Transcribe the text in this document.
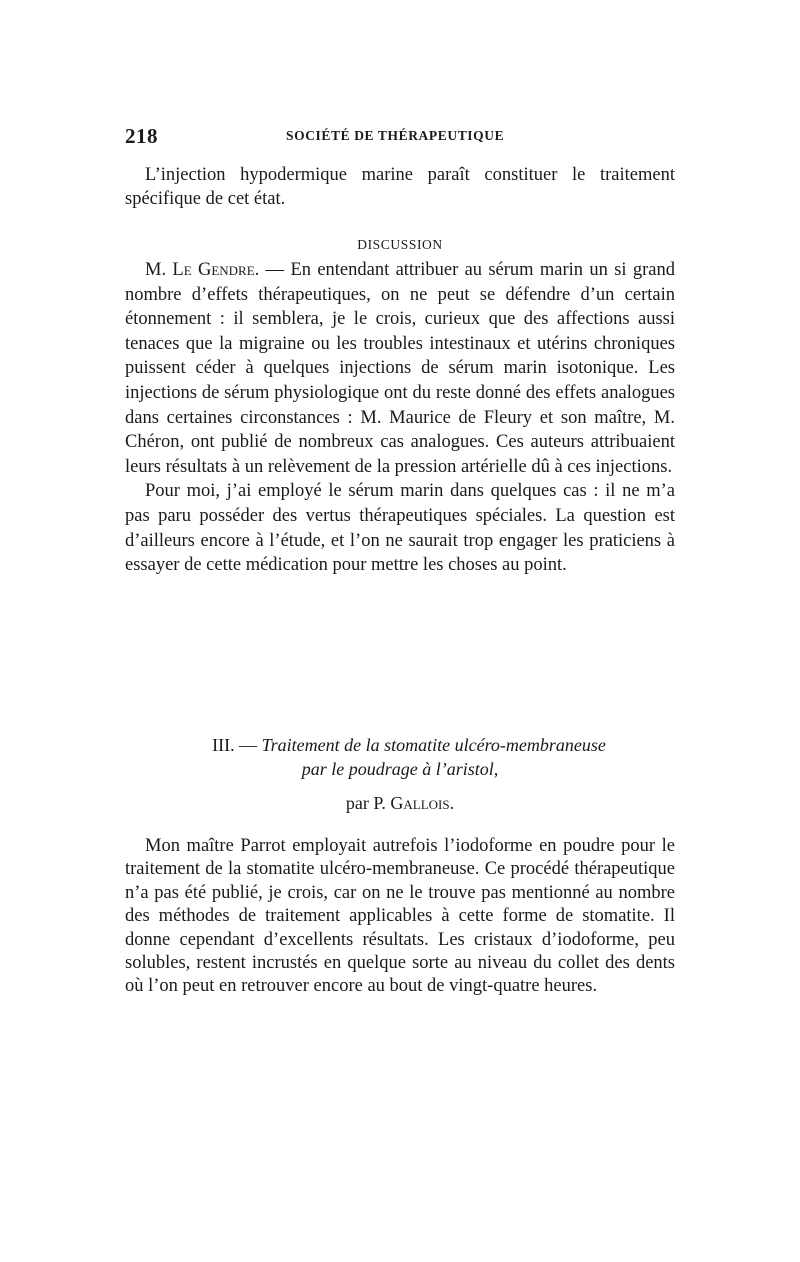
218	SOCIÉTÉ DE THÉRAPEUTIQUE

L’injection hypodermique marine paraît constituer le traitement spécifique de cet état.

DISCUSSION

M. Le Gendre. — En entendant attribuer au sérum marin un si grand nombre d’effets thérapeutiques, on ne peut se défendre d’un certain étonnement : il semblera, je le crois, curieux que des affections aussi tenaces que la migraine ou les troubles intestinaux et utérins chroniques puissent céder à quelques injections de sérum marin isotonique. Les injections de sérum physiologique ont du reste donné des effets analogues dans certaines circonstances : M. Maurice de Fleury et son maître, M. Chéron, ont publié de nombreux cas analogues. Ces auteurs attribuaient leurs résultats à un relèvement de la pression artérielle dû à ces injections.

Pour moi, j’ai employé le sérum marin dans quelques cas : il ne m’a pas paru posséder des vertus thérapeutiques spéciales. La question est d’ailleurs encore à l’étude, et l’on ne saurait trop engager les praticiens à essayer de cette médication pour mettre les choses au point.

III. — Traitement de la stomatite ulcéro-membraneuse
par le poudrage à l’aristol,
par P. Gallois.

Mon maître Parrot employait autrefois l’iodoforme en poudre pour le traitement de la stomatite ulcéro-membraneuse. Ce procédé thérapeutique n’a pas été publié, je crois, car on ne le trouve pas mentionné au nombre des méthodes de traitement applicables à cette forme de stomatite. Il donne cependant d’excellents résultats. Les cristaux d’iodoforme, peu solubles, restent incrustés en quelque sorte au niveau du collet des dents où l’on peut en retrouver encore au bout de vingt-quatre heures.
